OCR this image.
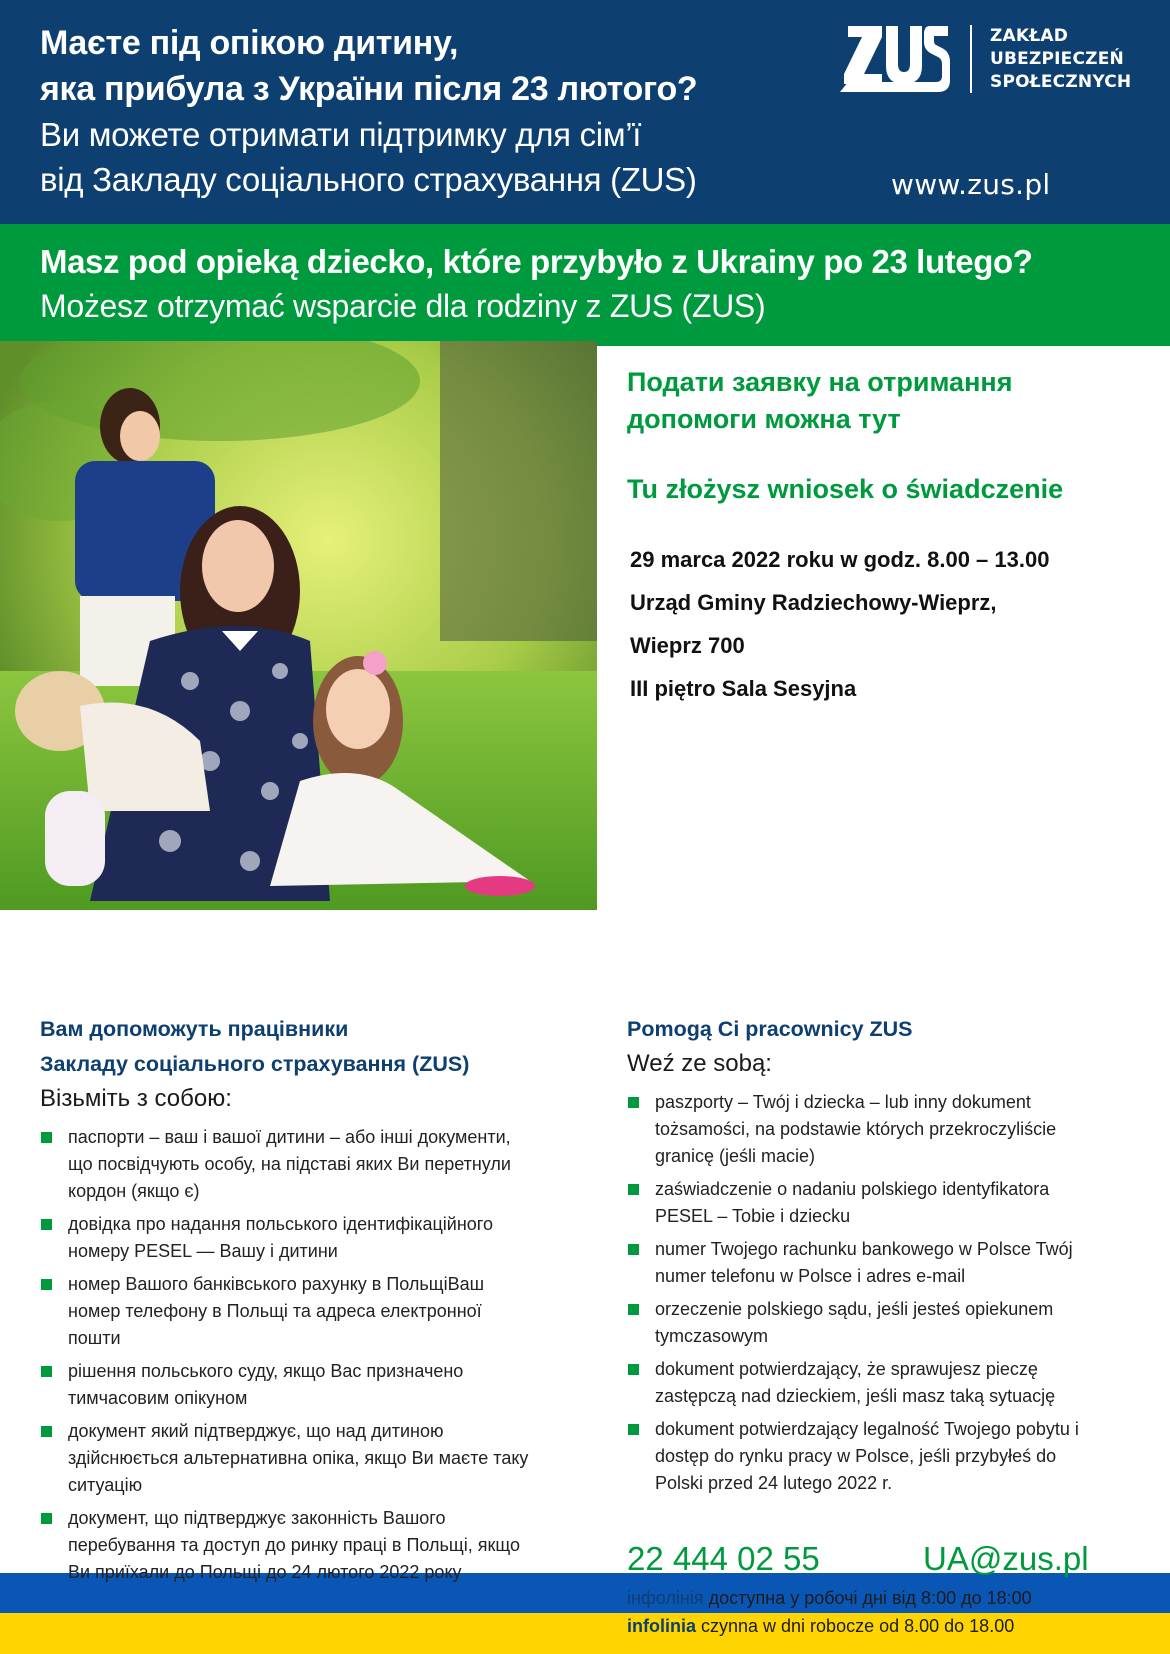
Маєте під опікою дитину,
яка прибула з України після 23 лютого?
Ви можете отримати підтримку для сім’ї
від Закладу соціального страхування (ZUS)
ZAKŁAD
UBEZPIECZEŃ
SPOŁECZNYCH
www.zus.pl
Masz pod opieką dziecko, które przybyło z Ukrainy po 23 lutego?
Możesz otrzymać wsparcie dla rodziny z ZUS (ZUS)
Подати заявку на отримання
допомоги можна тут
Tu złożysz wniosek o świadczenie
29 marca 2022 roku w godz. 8.00 – 13.00
Urząd Gminy Radziechowy-Wieprz,
Wieprz 700
III piętro Sala Sesyjna
Вам допоможуть працівники
Закладу соціального страхування (ZUS)
Візьміть з собою:
паспорти – ваш і вашої дитини – або інші документи, що посвідчують особу, на підставі яких Ви перетнули кордон (якщо є)
довідка про надання польського ідентифікаційного номеру PESEL — Вашу і дитини
номер Вашого банківського рахунку в ПольщіВаш номер телефону в Польщі та адреса електронної пошти
рішення польського суду, якщо Вас призначено тимчасовим опікуном
документ який підтверджує, що над дитиною здійснюється альтернативна опіка, якщо Ви маєте таку ситуацію
документ, що підтверджує законність Вашого перебування та доступ до ринку праці в Польщі, якщо Ви приїхали до Польщі до 24 лютого 2022 року
Pomogą Ci pracownicy ZUS
Weź ze sobą:
paszporty – Twój i dziecka – lub inny dokument tożsamości, na podstawie których przekroczyliście granicę (jeśli macie)
zaświadczenie o nadaniu polskiego identyfikatora PESEL – Tobie i dziecku
numer Twojego rachunku bankowego w Polsce Twój numer telefonu w Polsce i adres e-mail
orzeczenie polskiego sądu, jeśli jesteś opiekunem tymczasowym
dokument potwierdzający, że sprawujesz pieczę zastępczą nad dzieckiem, jeśli masz taką sytuację
dokument potwierdzający legalność Twojego pobytu i dostęp do rynku pracy w Polsce, jeśli przybyłeś do Polski przed 24 lutego 2022 r.
22 444 02 55	UA@zus.pl
інфолінія доступна у робочі дні від 8:00 до 18:00
infolinia czynna w dni robocze od 8.00 do 18.00
